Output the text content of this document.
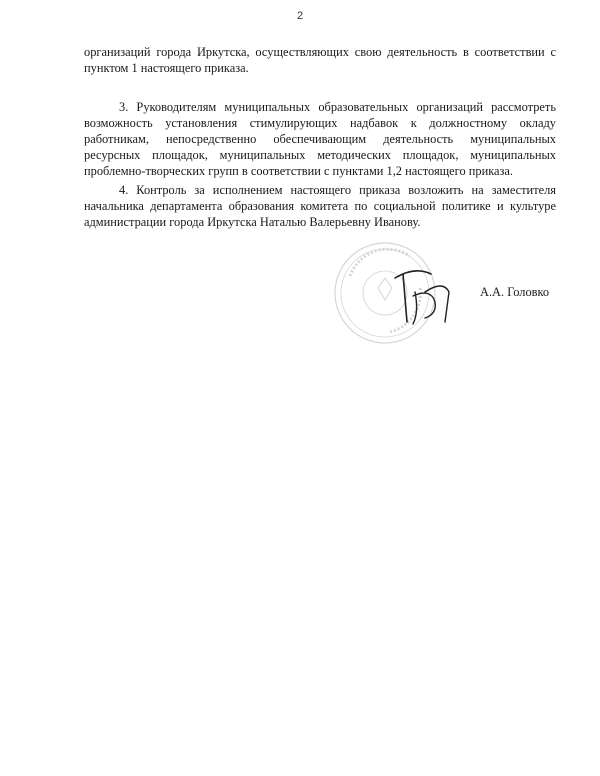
2

организаций города Иркутска, осуществляющих свою деятельность в соответствии с пунктом 1 настоящего приказа.

3. Руководителям муниципальных образовательных организаций рассмотреть возможность установления стимулирующих надбавок к должностному окладу работникам, непосредственно обеспечивающим деятельность муниципальных ресурсных площадок, муниципальных методических площадок, муниципальных проблемно-творческих групп в соответствии с пунктами 1,2 настоящего приказа.

4. Контроль за исполнением настоящего приказа возложить на заместителя начальника департамента образования комитета по социальной политике и культуре администрации города Иркутска Наталью Валерьевну Иванову.

А.А. Головко
